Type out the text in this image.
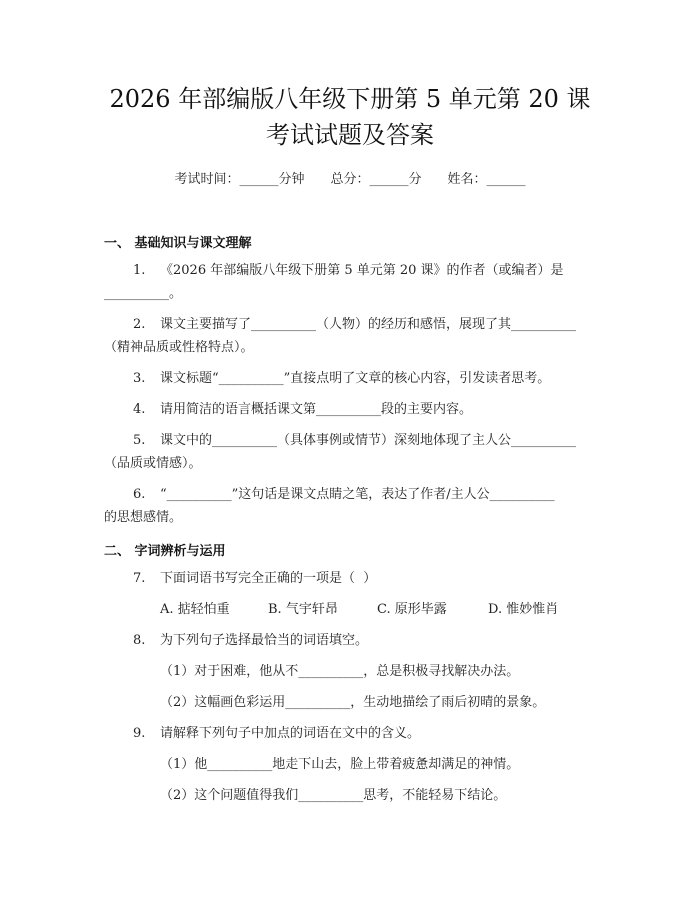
2026 年部编版八年级下册第 5 单元第 20 课
考试试题及答案
考试时间：______分钟 总分：______分 姓名：______
一、 基础知识与课文理解
1. 《2026 年部编版八年级下册第 5 单元第 20 课》的作者（或编者）是
__________。
2. 课文主要描写了__________（人物）的经历和感悟，展现了其__________
（精神品质或性格特点）。
3. 课文标题“__________”直接点明了文章的核心内容，引发读者思考。
4. 请用简洁的语言概括课文第__________段的主要内容。
5. 课文中的__________（具体事例或情节）深刻地体现了主人公__________
（品质或情感）。
6. “__________”这句话是课文点睛之笔，表达了作者/主人公__________
的思想感情。
二、 字词辨析与运用
7. 下面词语书写完全正确的一项是（  ）
A. 掂轻怕重	B. 气宇轩昂	C. 原形毕露	D. 惟妙惟肖
8. 为下列句子选择最恰当的词语填空。
（1）对于困难，他从不__________，总是积极寻找解决办法。
（2）这幅画色彩运用__________，生动地描绘了雨后初晴的景象。
9. 请解释下列句子中加点的词语在文中的含义。
（1）他__________地走下山去，脸上带着疲惫却满足的神情。
（2）这个问题值得我们__________思考，不能轻易下结论。
